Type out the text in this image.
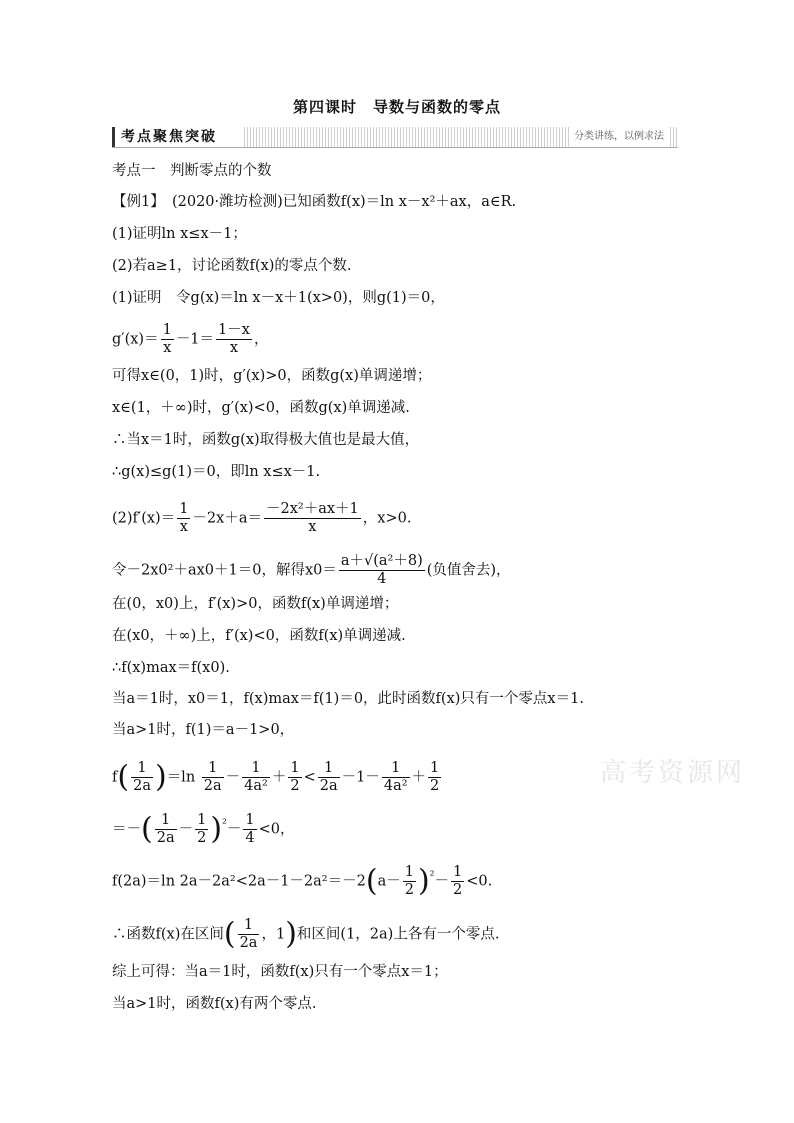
第四课时　导数与函数的零点
考点聚焦突破	分类讲练，以例求法
考点一　判断零点的个数
【例1】　(2020·潍坊检测)已知函数f(x)＝ln x－x²＋ax，a∈R.
(1)证明ln x≤x－1；
(2)若a≥1，讨论函数f(x)的零点个数.
(1)证明　令g(x)＝ln x－x＋1(x>0)，则g(1)＝0，
$g'(x)= \frac{1}{x} -1= \frac{1-x}{x}$ ，
可得x∈(0，1)时，g′(x)>0，函数g(x)单调递增；
x∈(1，＋∞)时，g′(x)<0，函数g(x)单调递减.
∴当x＝1时，函数g(x)取得极大值也是最大值，
∴g(x)≤g(1)＝0，即ln x≤x－1.
$(2)f'(x)= \frac{1}{x} -2x+a= \frac{\text{－2x²＋ax＋1}}{x}$ ，x>0.
令－2x0²＋ax0＋1＝0，解得$x0= \frac{\text{a＋√(a²＋8)}}{4}$ (负值舍去)，
在(0，x0)上，f′(x)>0，函数f(x)单调递增；
在(x0，＋∞)上，f′(x)<0，函数f(x)单调递减.
∴f(x)max＝f(x0).
当a＝1时，x0＝1，f(x)max＝f(1)＝0，此时函数f(x)只有一个零点x＝1.
当a>1时，f(1)＝a－1>0，
$f( \frac{1}{2a} )=\ln \frac{1}{2a} - \frac{1}{\text{4a²}} + \frac{1}{2} < \frac{1}{2a} -1- \frac{1}{\text{4a²}} + \frac{1}{2}$
＝－( $\frac{1}{2a} - \frac{1}{2} )^{^2}- \frac{1}{4} <0$，
f(2a)＝ln $2a-2a^2<2a-1-2a^2=-2(a- \frac{1}{2} )^{^2}- \frac{1}{2} <0$.
∴函数f(x)在区间( $\frac{1}{2a}$ ，1)和区间(1，2a)上各有一个零点.
综上可得：当a＝1时，函数f(x)只有一个零点x＝1；
当a>1时，函数f(x)有两个零点.
高考资源网
